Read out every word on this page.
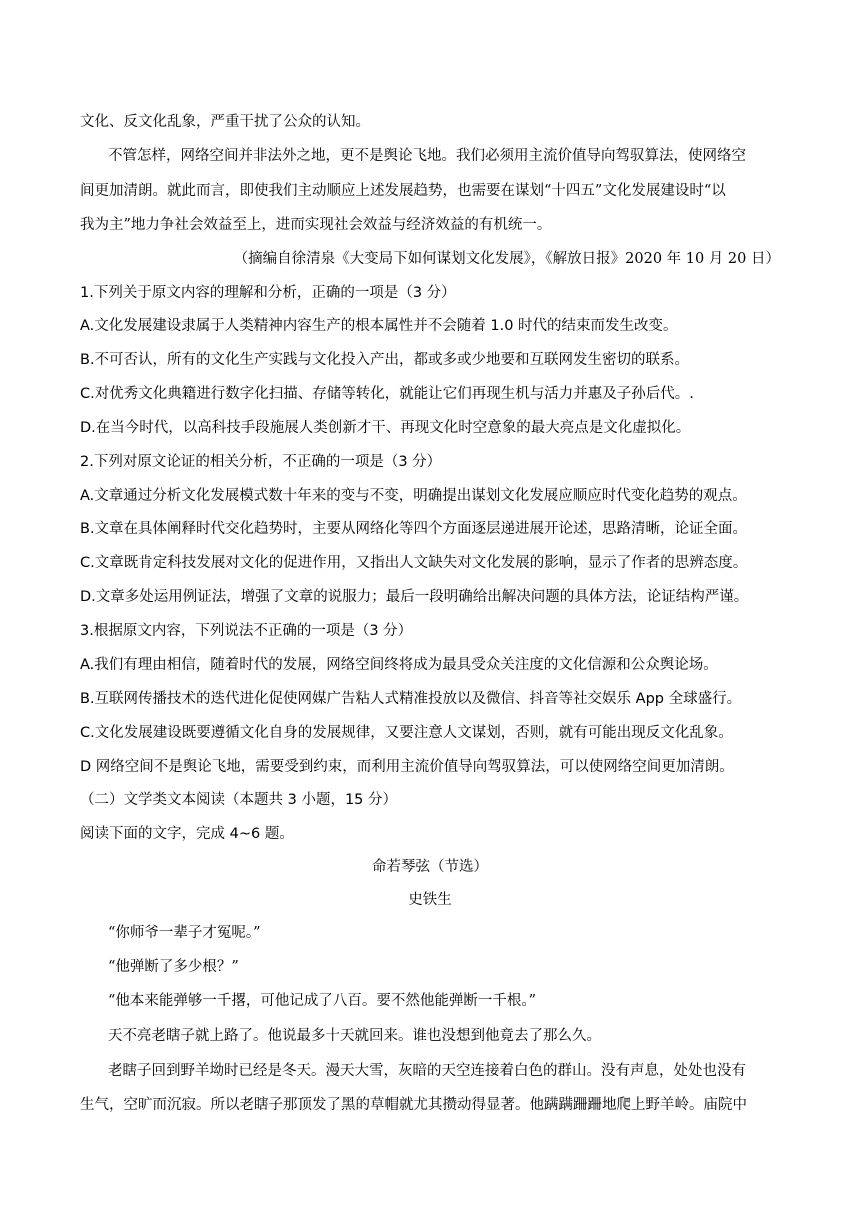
文化、反文化乱象，严重干扰了公众的认知。
不管怎样，网络空间并非法外之地，更不是舆论飞地。我们必须用主流价值导向驾驭算法，使网络空
间更加清朗。就此而言，即使我们主动顺应上述发展趋势，也需要在谋划“十四五”文化发展建设时“以
我为主”地力争社会效益至上，进而实现社会效益与经济效益的有机统一。
（摘编自徐清泉《大变局下如何谋划文化发展》，《解放日报》2020 年 10 月 20 日）
1.下列关于原文内容的理解和分析，正确的一项是（3 分）
A.文化发展建设隶属于人类精神内容生产的根本属性并不会随着 1.0 时代的结束而发生改变。
B.不可否认，所有的文化生产实践与文化投入产出，都或多或少地要和互联网发生密切的联系。
C.对优秀文化典籍进行数字化扫描、存储等转化，就能让它们再现生机与活力并惠及子孙后代。.
D.在当今时代，以高科技手段施展人类创新才干、再现文化时空意象的最大亮点是文化虚拟化。
2.下列对原文论证的相关分析，不正确的一项是（3 分）
A.文章通过分析文化发展模式数十年来的变与不变，明确提出谋划文化发展应顺应时代变化趋势的观点。
B.文章在具体阐释时代交化趋势时，主要从网络化等四个方面逐层递进展开论述，思路清晰，论证全面。
C.文章既肯定科技发展对文化的促进作用，又指出人文缺失对文化发展的影响，显示了作者的思辨态度。
D.文章多处运用例证法，增强了文章的说服力；最后一段明确给出解决问题的具体方法，论证结构严谨。
3.根据原文内容，下列说法不正确的一项是（3 分）
A.我们有理由相信，随着时代的发展，网络空间终将成为最具受众关注度的文化信源和公众舆论场。
B.互联网传播技术的迭代进化促使网媒广告粘人式精准投放以及微信、抖音等社交娱乐 App 全球盛行。
C.文化发展建设既要遵循文化自身的发展规律，又要注意人文谋划，否则，就有可能出现反文化乱象。
D 网络空间不是舆论飞地，需要受到约束，而利用主流价值导向驾驭算法，可以使网络空间更加清朗。
（二）文学类文本阅读（本题共 3 小题，15 分）
阅读下面的文字，完成 4~6 题。
命若琴弦（节选）
史铁生
“你师爷一辈子才冤呢。”
“他弹断了多少根？”
“他本来能弹够一千撂，可他记成了八百。要不然他能弹断一千根。”
天不亮老瞎子就上路了。他说最多十天就回来。谁也没想到他竟去了那么久。
老瞎子回到野羊坳时已经是冬天。漫天大雪，灰暗的天空连接着白色的群山。没有声息，处处也没有
生气，空旷而沉寂。所以老瞎子那顶发了黑的草帽就尤其攒动得显著。他蹒蹒跚跚地爬上野羊岭。庙院中
